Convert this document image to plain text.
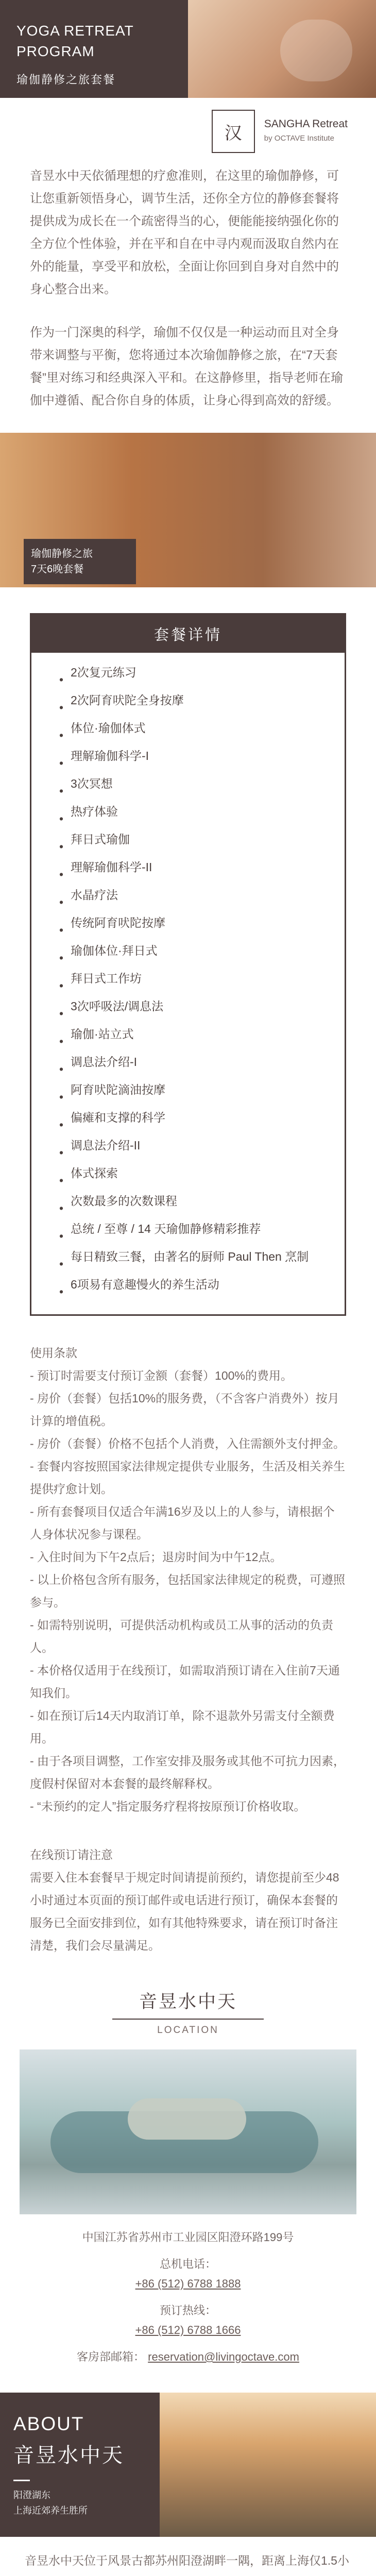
YOGA RETREAT
PROGRAM
瑜伽静修之旅套餐
汉 SANGHA Retreat
by OCTAVE Institute

音昱水中天依循理想的疗愈准则，在这里的瑜伽静修，可让您重新领悟身心，调节生活，还你全方位的静修套餐将提供成为成长在一个疏密得当的心，便能能接纳强化你的全方位个性体验，并在平和自在中寻内观而汲取自然内在外的能量，享受平和放松，全面让你回到自身对自然中的身心整合出来。

作为一门深奥的科学，瑜伽不仅仅是一种运动而且对全身带来调整与平衡，您将通过本次瑜伽静修之旅，在“7天套餐”里对练习和经典深入平和。在这静修里，指导老师在瑜伽中遵循、配合你自身的体质，让身心得到高效的舒缓。

瑜伽静修之旅
7天6晚套餐
套餐详情
•
2次复元练习
•
2次阿育吠陀全身按摩
•
体位·瑜伽体式
•
理解瑜伽科学-I
•
3次冥想
•
热疗体验
•
拜日式瑜伽
•
理解瑜伽科学-II
•
水晶疗法
•
传统阿育吠陀按摩
•
瑜伽体位·拜日式
•
拜日式工作坊
•
3次呼吸法/调息法
•
瑜伽·站立式
•
调息法介绍-I
•
阿育吠陀滴油按摩
•
偏瘫和支撑的科学
•
调息法介绍-II
•
体式探索
•
次数最多的次数课程
•
总统 / 至尊 / 14 天瑜伽静修精彩推荐
•
每日精致三餐，由著名的厨师 Paul Then 烹制
•
6项易有意趣慢火的养生活动

使用条款

- 预订时需要支付预订金额（套餐）100%的费用。

- 房价（套餐）包括10%的服务费，（不含客户消费外）按月计算的增值税。

- 房价（套餐）价格不包括个人消费，入住需额外支付押金。

- 套餐内容按照国家法律规定提供专业服务，生活及相关养生提供疗愈计划。

- 所有套餐项目仅适合年满16岁及以上的人参与，请根据个人身体状况参与课程。

- 入住时间为下午2点后；退房时间为中午12点。

- 以上价格包含所有服务，包括国家法律规定的税费，可遵照参与。

- 如需特别说明，可提供活动机构或员工从事的活动的负责人。

- 本价格仅适用于在线预订，如需取消预订请在入住前7天通知我们。

- 如在预订后14天内取消订单，除不退款外另需支付全额费用。

- 由于各项目调整，工作室安排及服务或其他不可抗力因素，度假村保留对本套餐的最终解释权。

- “未预约的定人”指定服务疗程将按原预订价格收取。

在线预订请注意

需要入住本套餐早于规定时间请提前预约，请您提前至少48小时通过本页面的预订邮件或电话进行预订，确保本套餐的服务已全面安排到位，如有其他特殊要求，请在预订时备注清楚，我们会尽量满足。

音昱水中天
LOCATION
中国江苏省苏州市工业园区阳澄环路199号
总机电话：
+86 (512) 6788 1888
预订热线：
+86 (512) 6788 1666
客房部邮箱： reservation@livingoctave.com
ABOUT
音昱水中天
阳澄湖东
上海近郊养生胜所

音昱水中天位于风景古都苏州阳澄湖畔一隅，距离上海仅1.5小
